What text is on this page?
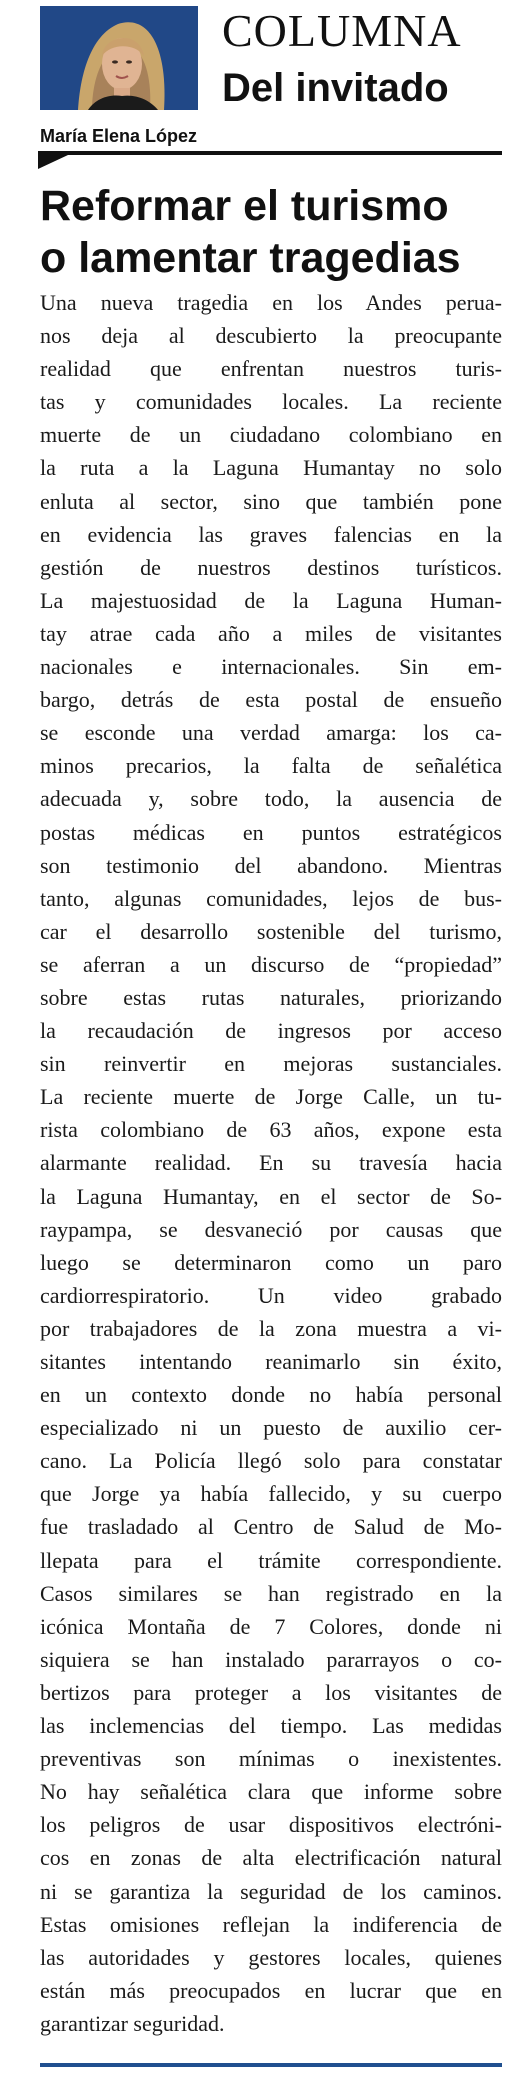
COLUMNA
Del invitado
María Elena López
Reformar el turismo
o lamentar tragedias
Una nueva tragedia en los Andes perua-
nos deja al descubierto la preocupante
realidad que enfrentan nuestros turis-
tas y comunidades locales. La reciente
muerte de un ciudadano colombiano en
la ruta a la Laguna Humantay no solo
enluta al sector, sino que también pone
en evidencia las graves falencias en la
gestión de nuestros destinos turísticos.
La majestuosidad de la Laguna Human-
tay atrae cada año a miles de visitantes
nacionales e internacionales. Sin em-
bargo, detrás de esta postal de ensueño
se esconde una verdad amarga: los ca-
minos precarios, la falta de señalética
adecuada y, sobre todo, la ausencia de
postas médicas en puntos estratégicos
son testimonio del abandono. Mientras
tanto, algunas comunidades, lejos de bus-
car el desarrollo sostenible del turismo,
se aferran a un discurso de “propiedad”
sobre estas rutas naturales, priorizando
la recaudación de ingresos por acceso
sin reinvertir en mejoras sustanciales.
La reciente muerte de Jorge Calle, un tu-
rista colombiano de 63 años, expone esta
alarmante realidad. En su travesía hacia
la Laguna Humantay, en el sector de So-
raypampa, se desvaneció por causas que
luego se determinaron como un paro
cardiorrespiratorio. Un video grabado
por trabajadores de la zona muestra a vi-
sitantes intentando reanimarlo sin éxito,
en un contexto donde no había personal
especializado ni un puesto de auxilio cer-
cano. La Policía llegó solo para constatar
que Jorge ya había fallecido, y su cuerpo
fue trasladado al Centro de Salud de Mo-
llepata para el trámite correspondiente.
Casos similares se han registrado en la
icónica Montaña de 7 Colores, donde ni
siquiera se han instalado pararrayos o co-
bertizos para proteger a los visitantes de
las inclemencias del tiempo. Las medidas
preventivas son mínimas o inexistentes.
No hay señalética clara que informe sobre
los peligros de usar dispositivos electróni-
cos en zonas de alta electrificación natural
ni se garantiza la seguridad de los caminos.
Estas omisiones reflejan la indiferencia de
las autoridades y gestores locales, quienes
están más preocupados en lucrar que en
garantizar seguridad.
